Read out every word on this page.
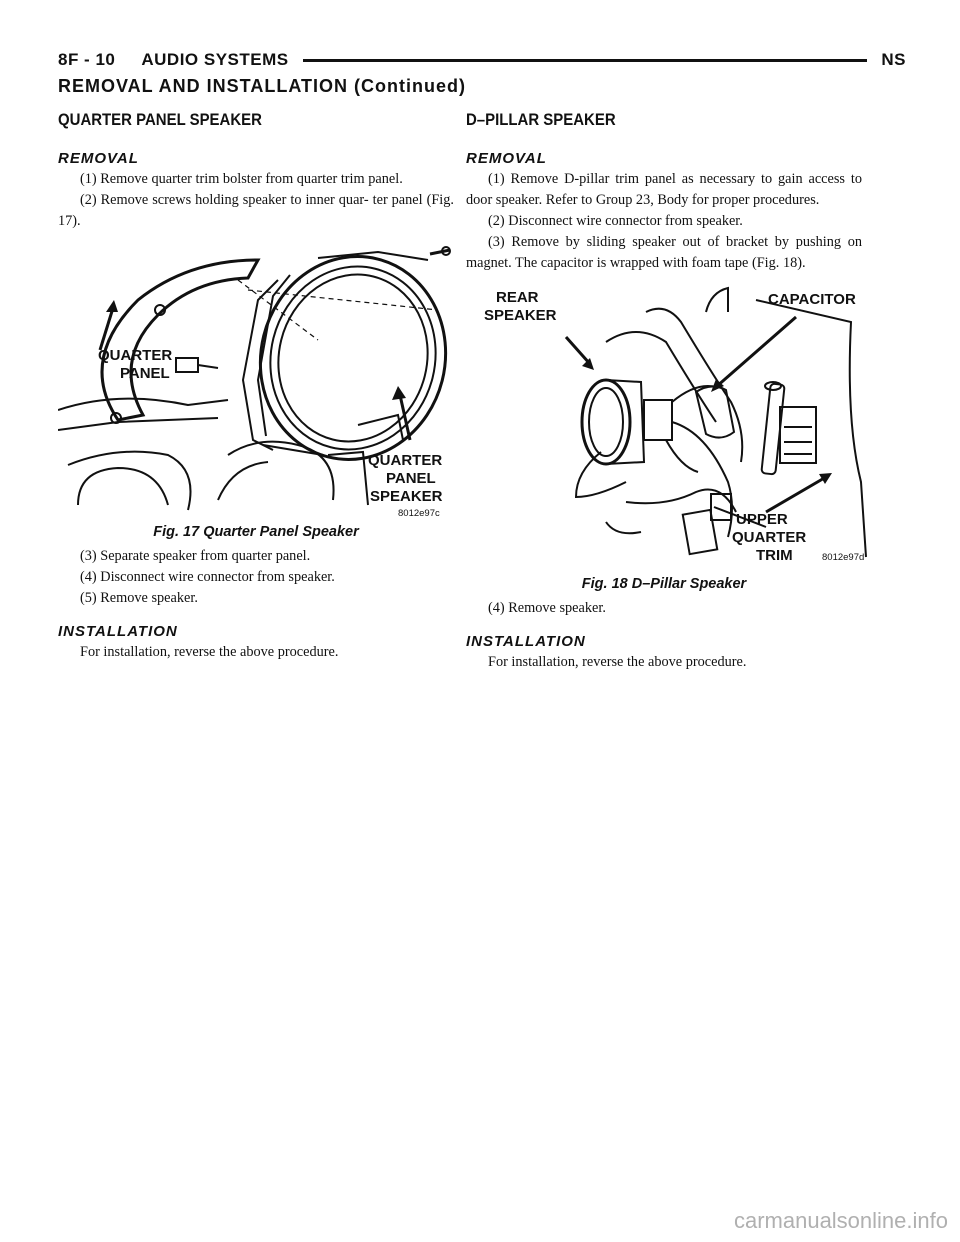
8F - 10 AUDIO SYSTEMS	NS
REMOVAL AND INSTALLATION (Continued)
QUARTER PANEL SPEAKER
REMOVAL

(1) Remove quarter trim bolster from quarter trim panel.

(2) Remove screws holding speaker to inner quar- ter panel (Fig. 17).

QUARTER
PANEL
QUARTER
PANEL
SPEAKER
8012e97c
Fig. 17 Quarter Panel Speaker

(3) Separate speaker from quarter panel.

(4) Disconnect wire connector from speaker.

(5) Remove speaker.

INSTALLATION

For installation, reverse the above procedure.

D–PILLAR SPEAKER
REMOVAL

(1) Remove D-pillar trim panel as necessary to gain access to door speaker. Refer to Group 23, Body for proper procedures.

(2) Disconnect wire connector from speaker.

(3) Remove by sliding speaker out of bracket by pushing on magnet. The capacitor is wrapped with foam tape (Fig. 18).

REAR
SPEAKER
CAPACITOR
UPPER
QUARTER
TRIM	8012e97d
Fig. 18 D–Pillar Speaker

(4) Remove speaker.

INSTALLATION

For installation, reverse the above procedure.

carmanualsonline.info
